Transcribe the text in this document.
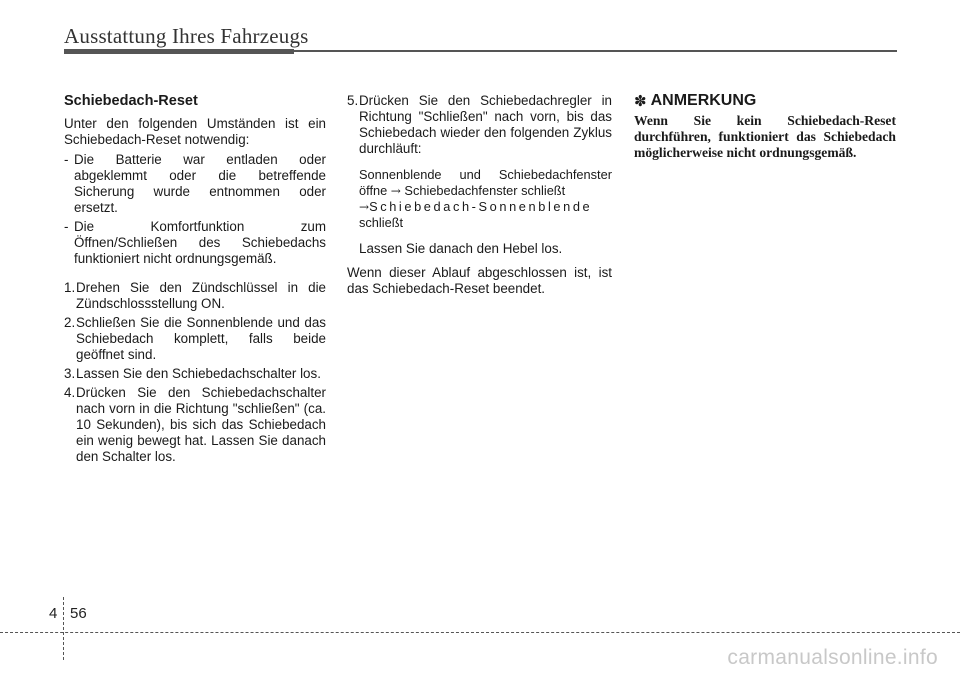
Ausstattung Ihres Fahrzeugs
Schiebedach-Reset

Unter den folgenden Umständen ist ein Schiebedach-Reset notwendig:

- Die Batterie war entladen oder abgeklemmt oder die betreffende Sicherung wurde entnommen oder ersetzt.
- Die Komfortfunktion zum Öffnen/Schließen des Schiebedachs funktioniert nicht ordnungsgemäß.
1. Drehen Sie den Zündschlüssel in die Zündschlossstellung ON.
2. Schließen Sie die Sonnenblende und das Schiebedach komplett, falls beide geöffnet sind.
3. Lassen Sie den Schiebedachschalter los.
4. Drücken Sie den Schiebedachschalter nach vorn in die Richtung "schließen" (ca. 10 Sekunden), bis sich das Schiebedach ein wenig bewegt hat. Lassen Sie danach den Schalter los.
5. Drücken Sie den Schiebedachregler in Richtung "Schließen" nach vorn, bis das Schiebedach wieder den folgenden Zyklus durchläuft:
Sonnenblende und Schiebedachfenster öffne → Schiebedachfenster schließt
→Schiebedach-Sonnenblende
schließt

Lassen Sie danach den Hebel los.

Wenn dieser Ablauf abgeschlossen ist, ist das Schiebedach-Reset beendet.

✽ ANMERKUNG
Wenn Sie kein Schiebedach-Reset durchführen, funktioniert das Schiebedach möglicherweise nicht ordnungsgemäß.
4 56
carmanualsonline.info
